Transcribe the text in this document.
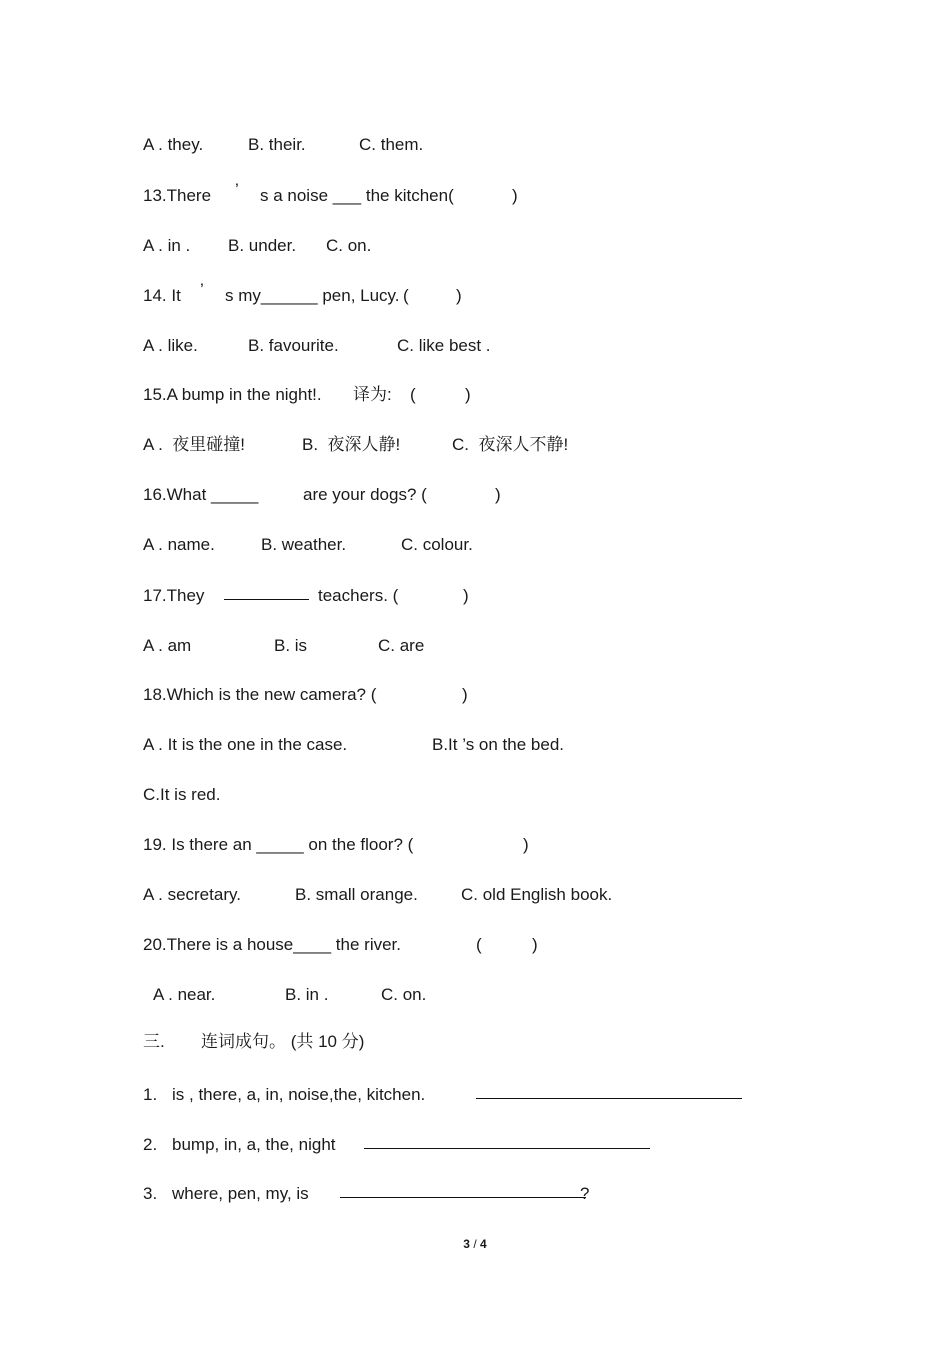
A . they.	B. their.	C. them.
13.There ’ s a noise ___ the kitchen(	)
A . in . B. under. C. on.
14. It ’ s my______ pen, Lucy. (	)
A . like.	B. favourite.	C. like best .
15.A bump in the night!. 译为: (	)
A .  夜里碰撞!	B.  夜深人静!	C.  夜深人不静!
16.What _____	are your dogs? (	)
A . name.	B. weather.	C. colour.
17.They	teachers. (	)
A . am	B. is	C. are
18.Which is the new camera? (	)
A . It is the one in the case.	B.It ’s on the bed.
C.It is red.
19. Is there an _____ on the floor? (	)
A . secretary.	B. small orange.	C. old English book.
20.There is a house____ the river.	(	)
A . near.	B. in .	C. on.
三. 连词成句。 (共 10 分)
1. is , there, a, in, noise,the, kitchen.
2. bump, in, a, the, night
3. where, pen, my, is	?
3 / 4
